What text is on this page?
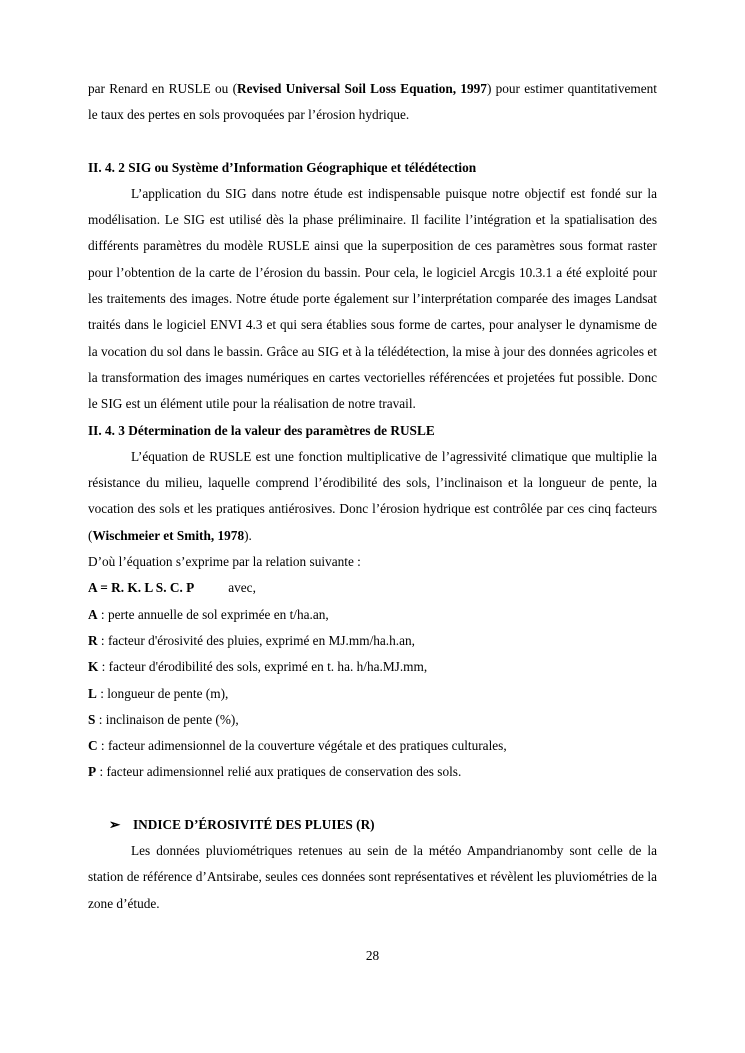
par Renard en RUSLE ou (Revised Universal Soil Loss Equation, 1997) pour estimer quantitativement le taux des pertes en sols provoquées par l’érosion hydrique.

II. 4. 2 SIG ou Système d’Information Géographique et télédétection

L’application du SIG dans notre étude est indispensable puisque notre objectif est fondé sur la modélisation. Le SIG est utilisé dès la phase préliminaire. Il facilite l’intégration et la spatialisation des différents paramètres du modèle RUSLE ainsi que la superposition de ces paramètres sous format raster pour l’obtention de la carte de l’érosion du bassin. Pour cela, le logiciel Arcgis 10.3.1 a été exploité pour les traitements des images. Notre étude porte également sur l’interprétation comparée des images Landsat traités dans le logiciel ENVI 4.3 et qui sera établies sous forme de cartes, pour analyser le dynamisme de la vocation du sol dans le bassin. Grâce au SIG et à la télédétection, la mise à jour des données agricoles et la transformation des images numériques en cartes vectorielles référencées et projetées fut possible. Donc le SIG est un élément utile pour la réalisation de notre travail.

II. 4. 3 Détermination de la valeur des paramètres de RUSLE

L’équation de RUSLE est une fonction multiplicative de l’agressivité climatique que multiplie la résistance du milieu, laquelle comprend l’érodibilité des sols, l’inclinaison et la longueur de pente, la vocation des sols et les pratiques antiérosives. Donc l’érosion hydrique est contrôlée par ces cinq facteurs (Wischmeier et Smith, 1978).

D’où l’équation s’exprime par la relation suivante :

A = R. K. L S. C. P	avec,

A : perte annuelle de sol exprimée en t/ha.an,

R : facteur d'érosivité des pluies, exprimé en MJ.mm/ha.h.an,

K : facteur d'érodibilité des sols, exprimé en t. ha. h/ha.MJ.mm,

L : longueur de pente (m),

S : inclinaison de pente (%),

C : facteur adimensionnel de la couverture végétale et des pratiques culturales,

P : facteur adimensionnel relié aux pratiques de conservation des sols.

➢ INDICE D’ÉROSIVITÉ DES PLUIES (R)

Les données pluviométriques retenues au sein de la météo Ampandrianomby sont celle de la station de référence d’Antsirabe, seules ces données sont représentatives et révèlent les pluviométries de la zone d’étude.

28
